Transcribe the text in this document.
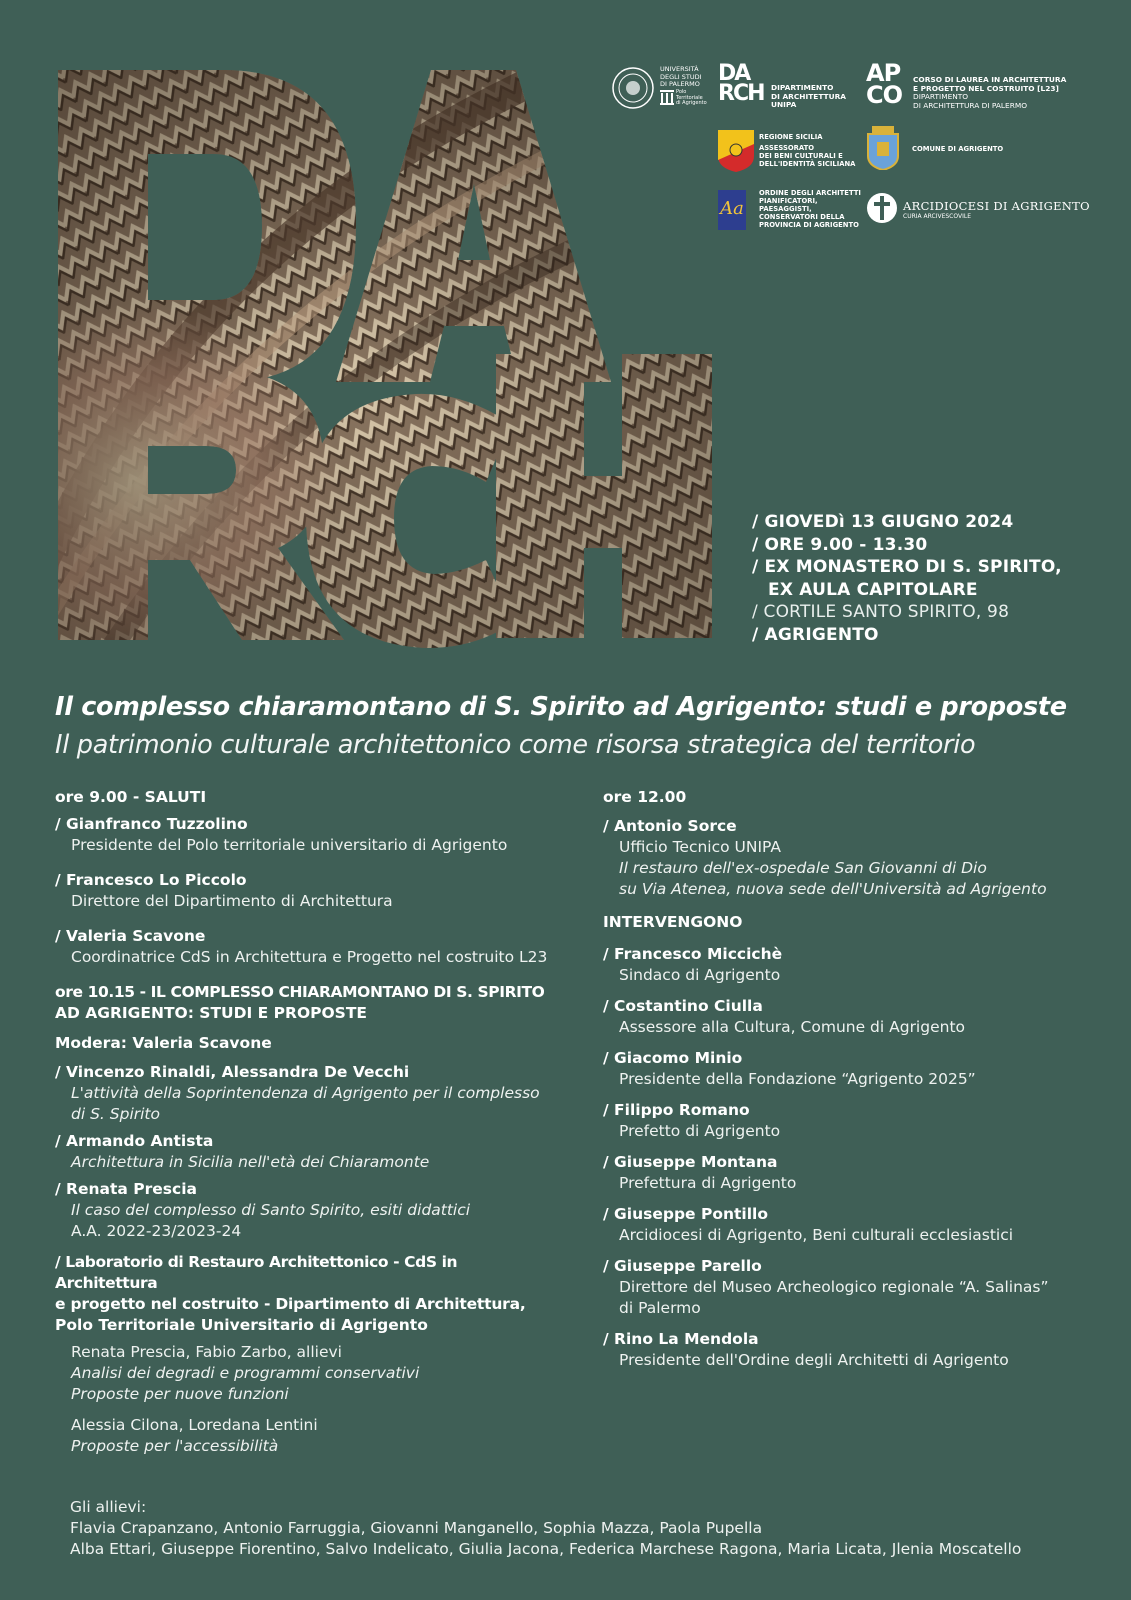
UNIVERSITÀ
DEGLI STUDI
DI PALERMO
Polo
Territoriale
di Agrigento
DA
RCH	DIPARTIMENTO
DI ARCHITETTURA
UNIPA
AP
CO
CORSO DI LAUREA IN ARCHITETTURA
E PROGETTO NEL COSTRUITO [L23]
DIPARTIMENTO
DI ARCHITETTURA DI PALERMO
REGIONE SICILIA
ASSESSORATO
DEI BENI CULTURALI E
DELL'IDENTITÀ SICILIANA
COMUNE DI AGRIGENTO
Aa
ORDINE DEGLI ARCHITETTI
PIANIFICATORI,
PAESAGGISTI,
CONSERVATORI DELLA
PROVINCIA DI AGRIGENTO
ARCIDIOCESI DI AGRIGENTO
CURIA ARCIVESCOVILE
/ GIOVEDì 13 GIUGNO 2024
/ ORE 9.00 - 13.30
/ EX MONASTERO DI S. SPIRITO,
EX AULA CAPITOLARE
/ CORTILE SANTO SPIRITO, 98
/ AGRIGENTO
Il complesso chiaramontano di S. Spirito ad Agrigento: studi e proposte
Il patrimonio culturale architettonico come risorsa strategica del territorio
ore 9.00 - SALUTI
/ Gianfranco Tuzzolino
Presidente del Polo territoriale universitario di Agrigento
/ Francesco Lo Piccolo
Direttore del Dipartimento di Architettura
/ Valeria Scavone
Coordinatrice CdS in Architettura e Progetto nel costruito L23
ore 10.15 - IL COMPLESSO CHIARAMONTANO DI S. SPIRITO
AD AGRIGENTO: STUDI E PROPOSTE
Modera: Valeria Scavone
/ Vincenzo Rinaldi, Alessandra De Vecchi
L'attività della Soprintendenza di Agrigento per il complesso
di S. Spirito
/ Armando Antista
Architettura in Sicilia nell'età dei Chiaramonte
/ Renata Prescia
Il caso del complesso di Santo Spirito, esiti didattici
A.A. 2022-23/2023-24
/ Laboratorio di Restauro Architettonico - CdS in Architettura
e progetto nel costruito - Dipartimento di Architettura,
Polo Territoriale Universitario di Agrigento
Renata Prescia, Fabio Zarbo, allievi
Analisi dei degradi e programmi conservativi
Proposte per nuove funzioni
Alessia Cilona, Loredana Lentini
Proposte per l'accessibilità
ore 12.00
/ Antonio Sorce
Ufficio Tecnico UNIPA
Il restauro dell'ex-ospedale San Giovanni di Dio
su Via Atenea, nuova sede dell'Università ad Agrigento
INTERVENGONO
/ Francesco Miccichè
Sindaco di Agrigento
/ Costantino Ciulla
Assessore alla Cultura, Comune di Agrigento
/ Giacomo Minio
Presidente della Fondazione “Agrigento 2025”
/ Filippo Romano
Prefetto di Agrigento
/ Giuseppe Montana
Prefettura di Agrigento
/ Giuseppe Pontillo
Arcidiocesi di Agrigento, Beni culturali ecclesiastici
/ Giuseppe Parello
Direttore del Museo Archeologico regionale “A. Salinas”
di Palermo
/ Rino La Mendola
Presidente dell'Ordine degli Architetti di Agrigento
Gli allievi:
Flavia Crapanzano, Antonio Farruggia, Giovanni Manganello, Sophia Mazza, Paola Pupella
Alba Ettari, Giuseppe Fiorentino, Salvo Indelicato, Giulia Jacona, Federica Marchese Ragona, Maria Licata, Jlenia Moscatello
